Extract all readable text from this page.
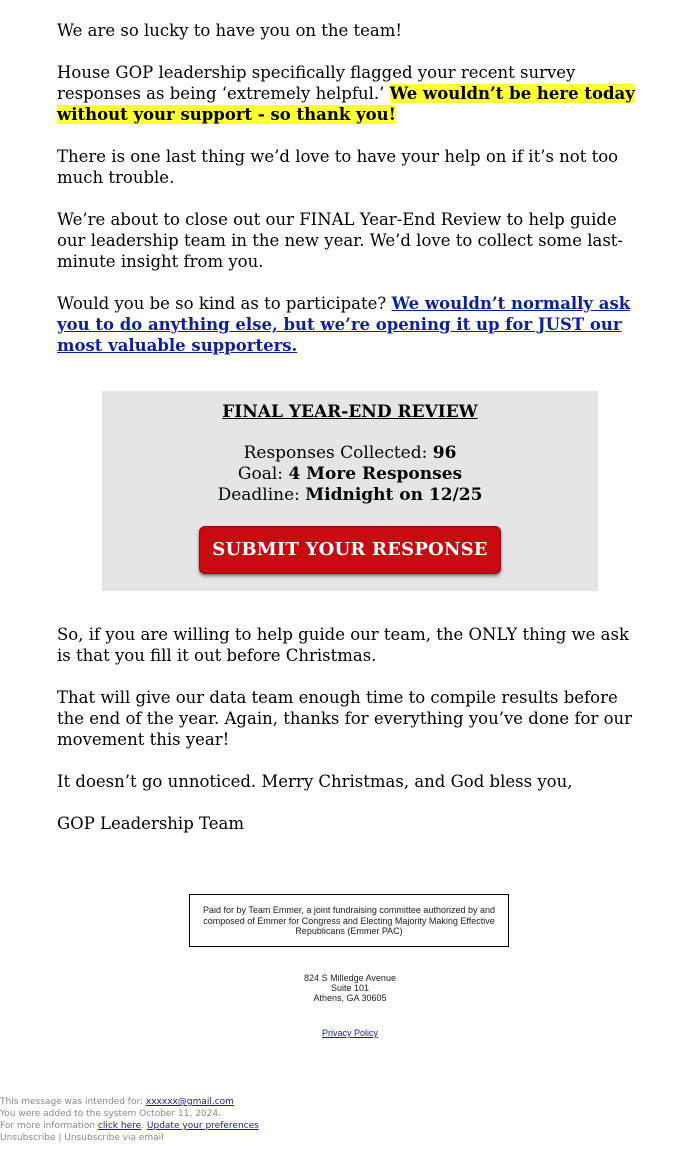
We are so lucky to have you on the team!

House GOP leadership specifically flagged your recent survey responses as being ‘extremely helpful.’ We wouldn’t be here today without your support - so thank you!

There is one last thing we’d love to have your help on if it’s not too much trouble.

We’re about to close out our FINAL Year-End Review to help guide our leadership team in the new year. We’d love to collect some last-minute insight from you.

Would you be so kind as to participate? We wouldn’t normally ask you to do anything else, but we’re opening it up for JUST our most valuable supporters.

FINAL YEAR-END REVIEW
Responses Collected: 96
Goal: 4 More Responses
Deadline: Midnight on 12/25
SUBMIT YOUR RESPONSE

So, if you are willing to help guide our team, the ONLY thing we ask is that you fill it out before Christmas.

That will give our data team enough time to compile results before the end of the year. Again, thanks for everything you’ve done for our movement this year!

It doesn’t go unnoticed. Merry Christmas, and God bless you,

GOP Leadership Team

Paid for by Team Emmer, a joint fundraising committee authorized by and composed of Emmer for Congress and Electing Majority Making Effective Republicans (Emmer PAC)
824 S Milledge Avenue
Suite 101
Athens, GA 30605
Privacy Policy
This message was intended for: xxxxxx@gmail.com
You were added to the system October 11, 2024.
For more information click here. Update your preferences
Unsubscribe | Unsubscribe via email
